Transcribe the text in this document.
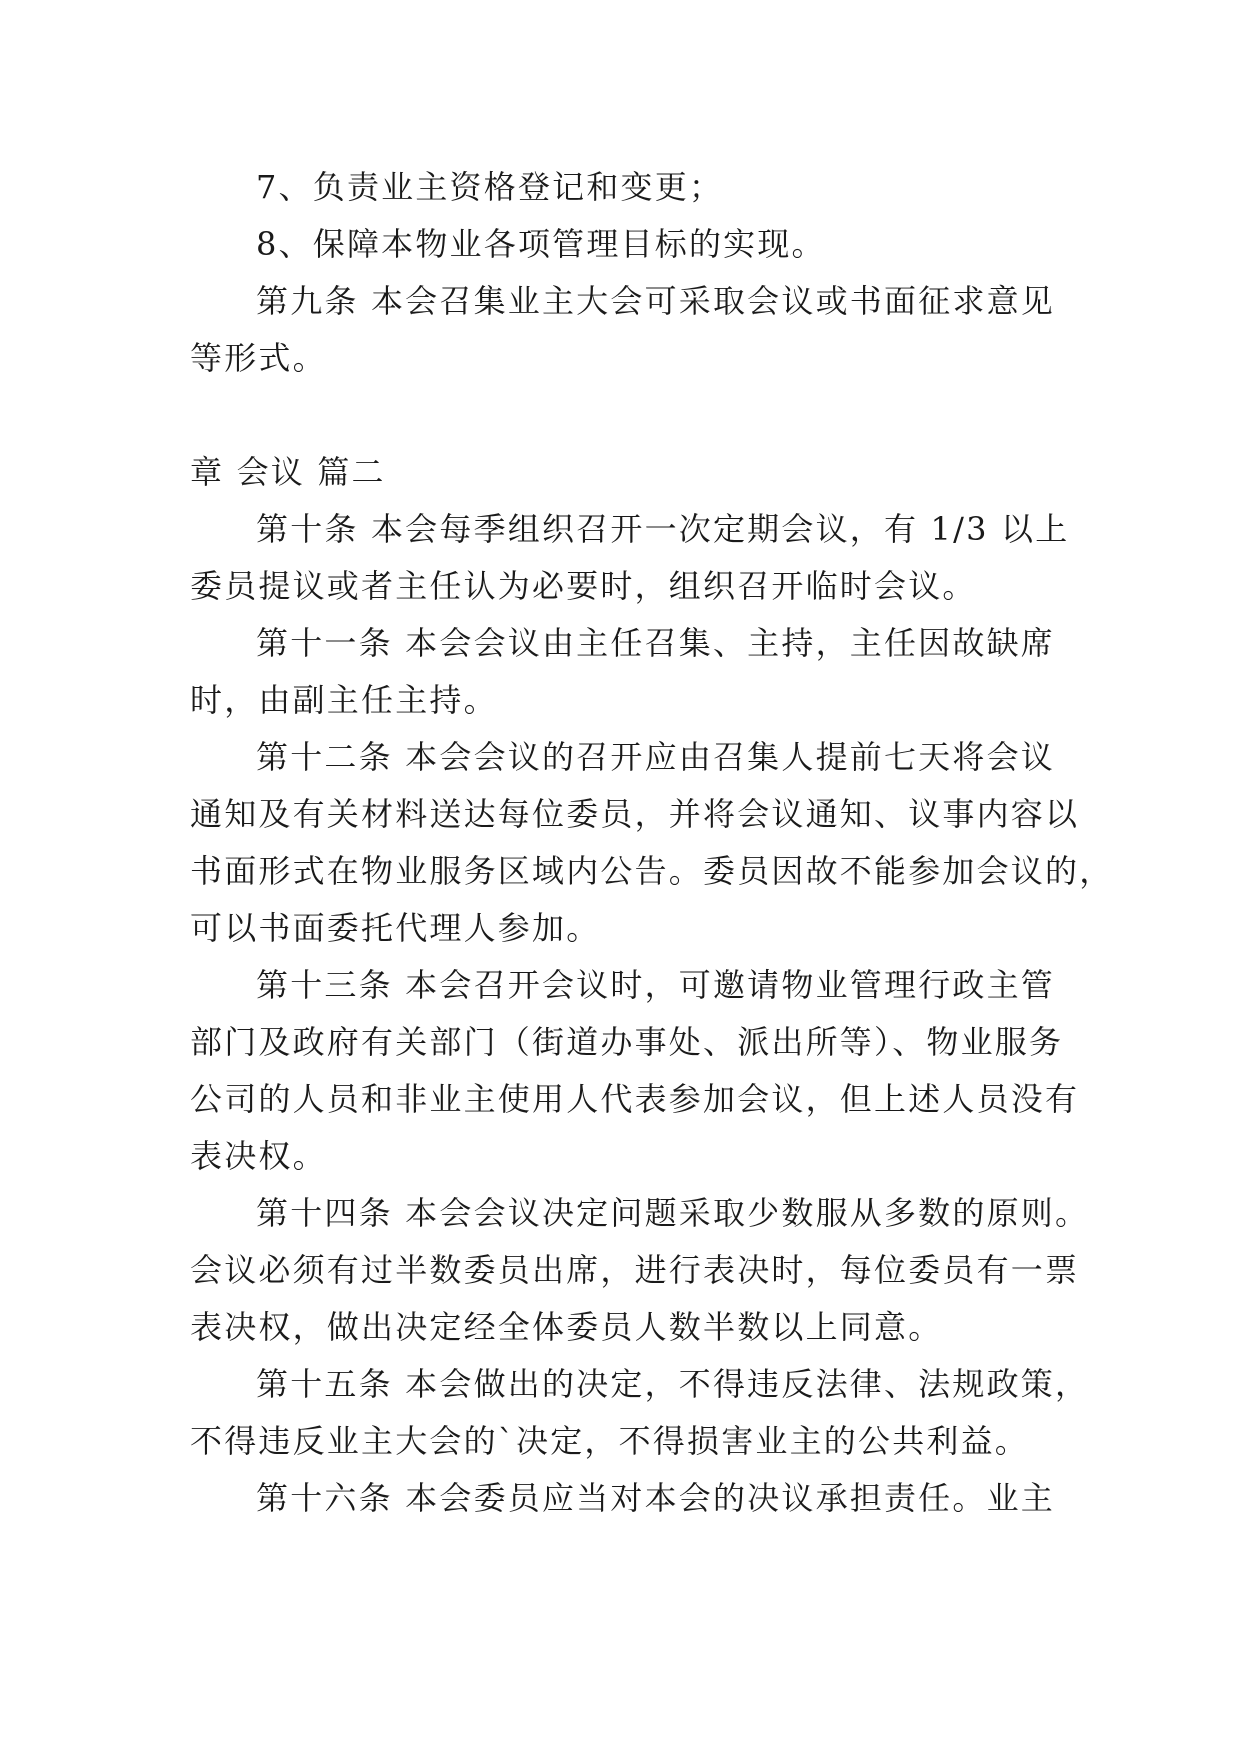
7、负责业主资格登记和变更；
8、保障本物业各项管理目标的实现。
第九条 本会召集业主大会可采取会议或书面征求意见
等形式。
章 会议 篇二
第十条 本会每季组织召开一次定期会议，有 1/3 以上
委员提议或者主任认为必要时，组织召开临时会议。
第十一条 本会会议由主任召集、主持，主任因故缺席
时，由副主任主持。
第十二条 本会会议的召开应由召集人提前七天将会议
通知及有关材料送达每位委员，并将会议通知、议事内容以
书面形式在物业服务区域内公告。委员因故不能参加会议的，
可以书面委托代理人参加。
第十三条 本会召开会议时，可邀请物业管理行政主管
部门及政府有关部门（街道办事处、派出所等）、物业服务
公司的人员和非业主使用人代表参加会议，但上述人员没有
表决权。
第十四条 本会会议决定问题采取少数服从多数的原则。
会议必须有过半数委员出席，进行表决时，每位委员有一票
表决权，做出决定经全体委员人数半数以上同意。
第十五条 本会做出的决定，不得违反法律、法规政策，
不得违反业主大会的`决定，不得损害业主的公共利益。
第十六条 本会委员应当对本会的决议承担责任。业主
